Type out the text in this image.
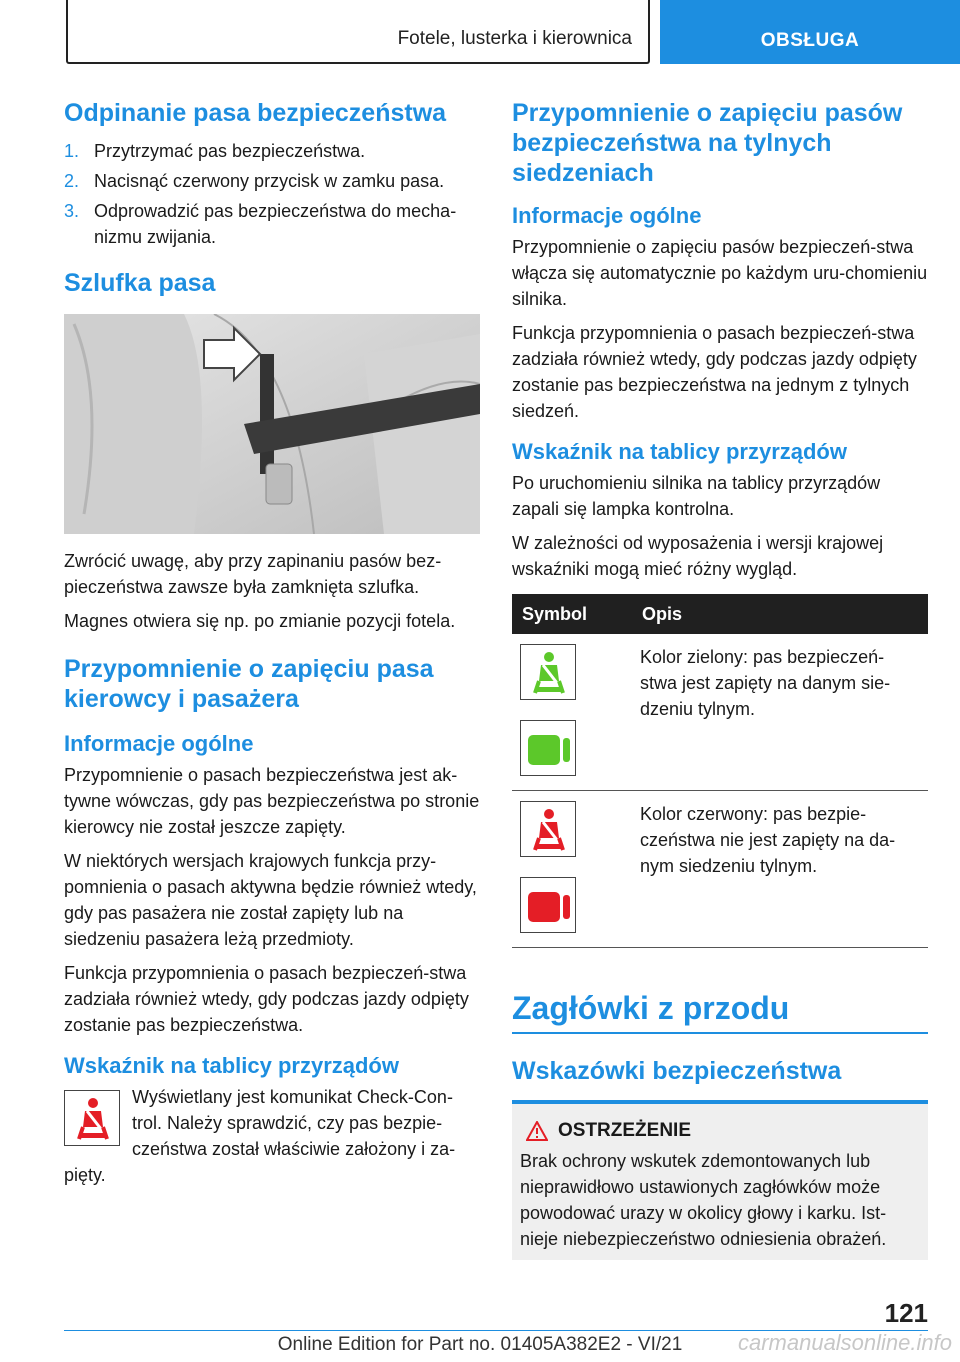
Fotele, lusterka i kierownica	OBSŁUGA
Odpinanie pasa bezpieczeństwa
1. Przytrzymać pas bezpieczeństwa.
2. Nacisnąć czerwony przycisk w zamku pasa.
3. Odprowadzić pas bezpieczeństwa do mecha-nizmu zwijania.
Szlufka pasa

Zwrócić uwagę, aby przy zapinaniu pasów bez-pieczeństwa zawsze była zamknięta szlufka.

Magnes otwiera się np. po zmianie pozycji fotela.

Przypomnienie o zapięciu pasa kierowcy i pasażera
Informacje ogólne

Przypomnienie o pasach bezpieczeństwa jest ak-tywne wówczas, gdy pas bezpieczeństwa po stronie kierowcy nie został jeszcze zapięty.

W niektórych wersjach krajowych funkcja przy-pomnienia o pasach aktywna będzie również wtedy, gdy pas pasażera nie został zapięty lub na siedzeniu pasażera leżą przedmioty.

Funkcja przypomnienia o pasach bezpieczeń-stwa zadziała również wtedy, gdy podczas jazdy odpięty zostanie pas bezpieczeństwa.

Wskaźnik na tablicy przyrządów

Wyświetlany jest komunikat Check-Con-trol. Należy sprawdzić, czy pas bezpie-czeństwa został właściwie założony i za-pięty.

Przypomnienie o zapięciu pasów bezpieczeństwa na tylnych siedzeniach
Informacje ogólne

Przypomnienie o zapięciu pasów bezpieczeń-stwa włącza się automatycznie po każdym uru-chomieniu silnika.

Funkcja przypomnienia o pasach bezpieczeń-stwa zadziała również wtedy, gdy podczas jazdy odpięty zostanie pas bezpieczeństwa na jednym z tylnych siedzeń.

Wskaźnik na tablicy przyrządów

Po uruchomieniu silnika na tablicy przyrządów zapali się lampka kontrolna.

W zależności od wyposażenia i wersji krajowej wskaźniki mogą mieć różny wygląd.

Symbol	Opis

	Kolor zielony: pas bezpieczeń-stwa jest zapięty na danym sie-dzeniu tylnym.

	Kolor czerwony: pas bezpie-czeństwa nie jest zapięty na da-nym siedzeniu tylnym.
Zagłówki z przodu
Wskazówki bezpieczeństwa
OSTRZEŻENIE

Brak ochrony wskutek zdemontowanych lub nieprawidłowo ustawionych zagłówków może powodować urazy w okolicy głowy i karku. Ist-nieje niebezpieczeństwo odniesienia obrażeń.

121
Online Edition for Part no. 01405A382E2 - VI/21	carmanualsonline.info
